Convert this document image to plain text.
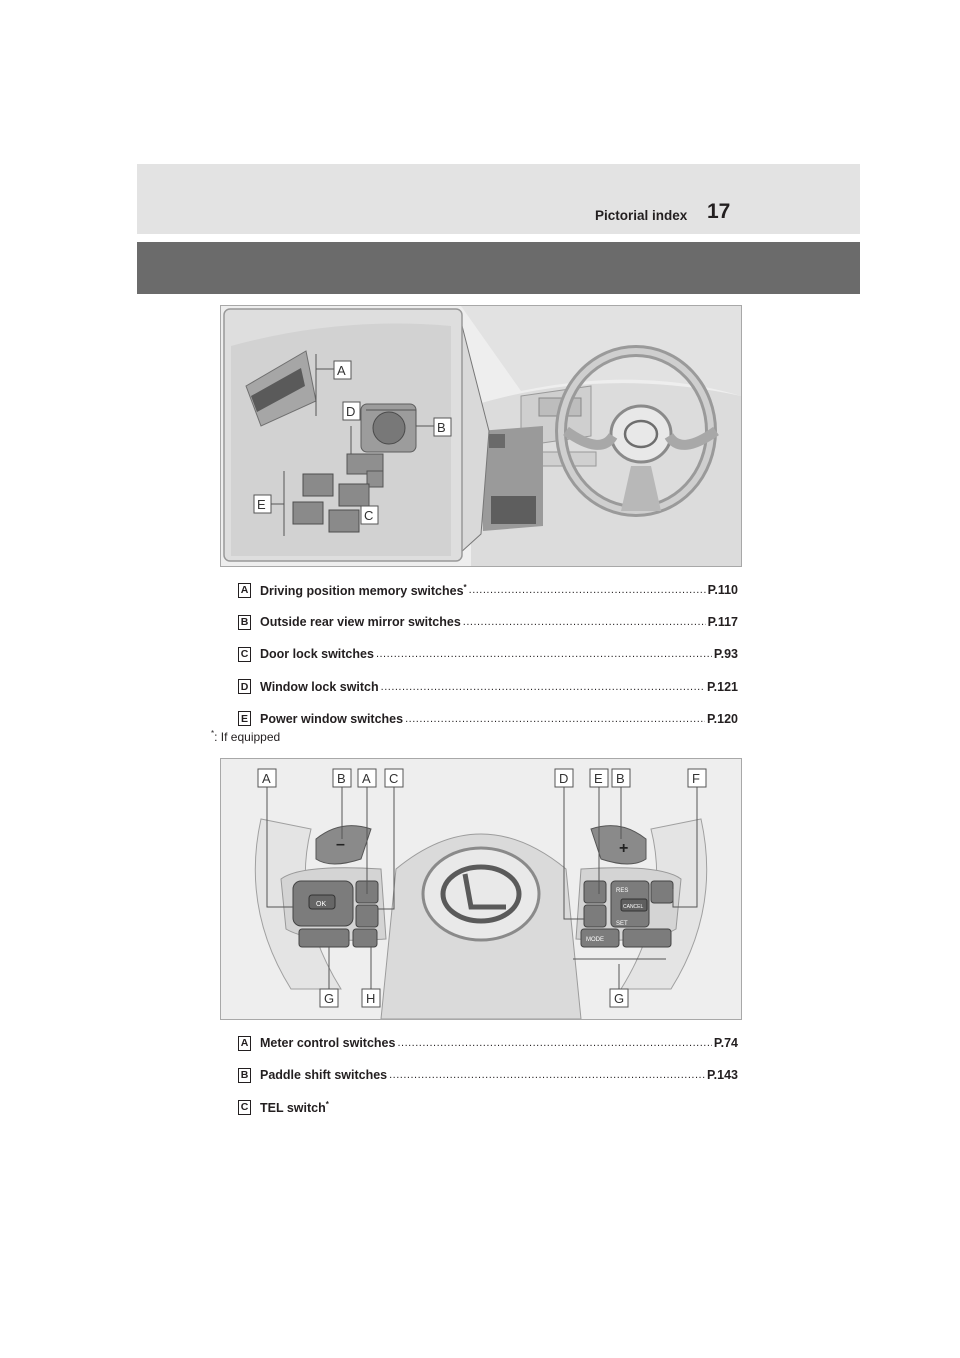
Pictorial index 17
A
D
B
E
C
A Driving position memory switches* .....	P.110
B Outside rear view mirror switches .....	P.117
C Door lock switches .....	P.93
D Window lock switch .....	P.121
E Power window switches .....	P.120
*: If equipped
–	+
OK
RES
SET
CANCEL
MODE
A	B A C	D E B	F
G H	G
A Meter control switches .....	P.74
B Paddle shift switches .....	P.143
C TEL switch*
